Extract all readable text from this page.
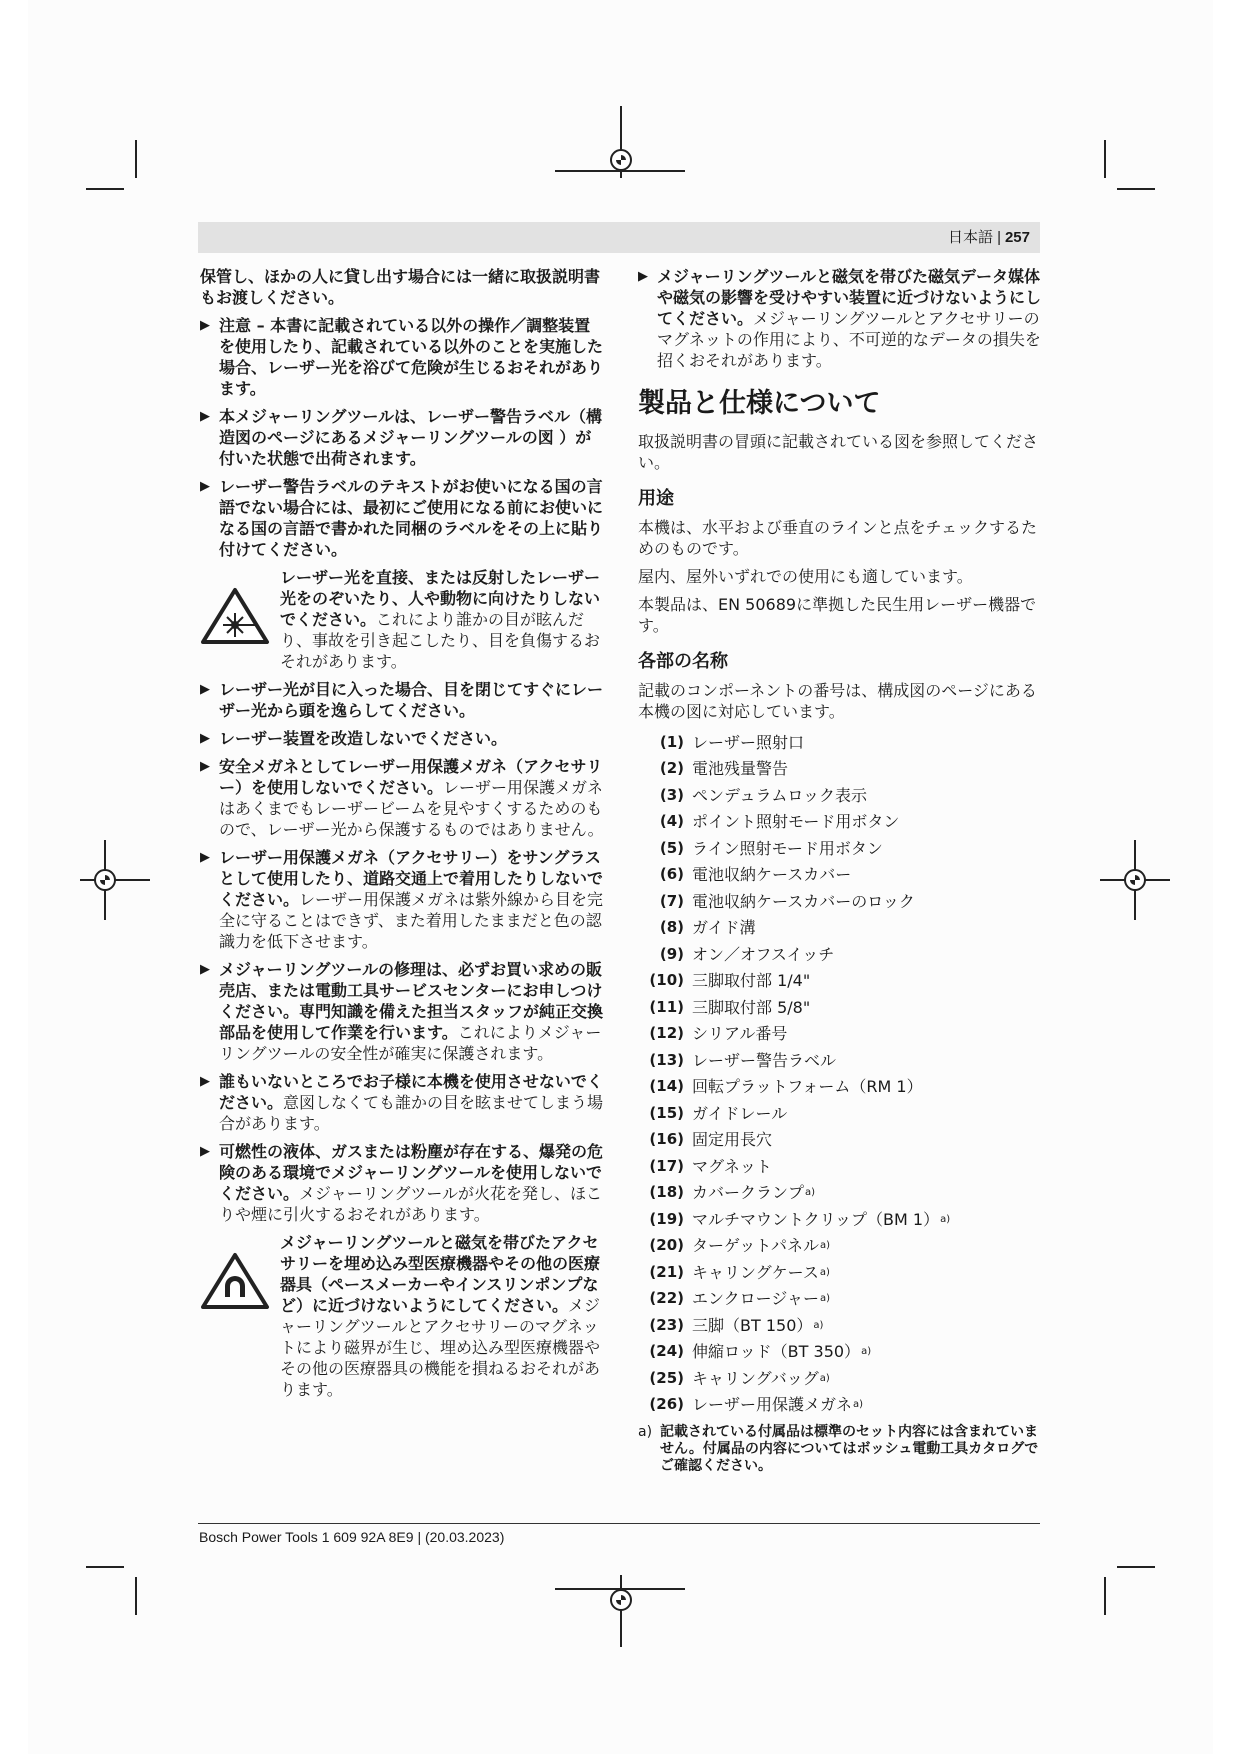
日本語 | 257

保管し、ほかの人に貸し出す場合には一緒に取扱説明書もお渡しください。

▶ 注意 – 本書に記載されている以外の操作／調整装置を使用したり、記載されている以外のことを実施した場合、レーザー光を浴びて危険が生じるおそれがあります。
▶ 本メジャーリングツールは、レーザー警告ラベル（構造図のページにあるメジャーリングツールの図 ）が付いた状態で出荷されます。
▶ レーザー警告ラベルのテキストがお使いになる国の言語でない場合には、最初にご使用になる前にお使いになる国の言語で書かれた同梱のラベルをその上に貼り付けてください。
レーザー光を直接、または反射したレーザー光をのぞいたり、人や動物に向けたりしないでください。これにより誰かの目が眩んだり、事故を引き起こしたり、目を負傷するおそれがあります。
▶ レーザー光が目に入った場合、目を閉じてすぐにレーザー光から頭を逸らしてください。
▶ レーザー装置を改造しないでください。
▶ 安全メガネとしてレーザー用保護メガネ（アクセサリー）を使用しないでください。レーザー用保護メガネはあくまでもレーザービームを見やすくするためのもので、レーザー光から保護するものではありません。
▶ レーザー用保護メガネ（アクセサリー）をサングラスとして使用したり、道路交通上で着用したりしないでください。レーザー用保護メガネは紫外線から目を完全に守ることはできず、また着用したままだと色の認識力を低下させます。
▶ メジャーリングツールの修理は、必ずお買い求めの販売店、または電動工具サービスセンターにお申しつけください。専門知識を備えた担当スタッフが純正交換部品を使用して作業を行います。これによりメジャーリングツールの安全性が確実に保護されます。
▶ 誰もいないところでお子様に本機を使用させないでください。意図しなくても誰かの目を眩ませてしまう場合があります。
▶ 可燃性の液体、ガスまたは粉塵が存在する、爆発の危険のある環境でメジャーリングツールを使用しないでください。メジャーリングツールが火花を発し、ほこりや煙に引火するおそれがあります。
メジャーリングツールと磁気を帯びたアクセサリーを埋め込み型医療機器やその他の医療器具（ペースメーカーやインスリンポンプなど）に近づけないようにしてください。メジャーリングツールとアクセサリーのマグネットにより磁界が生じ、埋め込み型医療機器やその他の医療器具の機能を損ねるおそれがあります。
▶ メジャーリングツールと磁気を帯びた磁気データ媒体や磁気の影響を受けやすい装置に近づけないようにしてください。メジャーリングツールとアクセサリーのマグネットの作用により、不可逆的なデータの損失を招くおそれがあります。
製品と仕様について

取扱説明書の冒頭に記載されている図を参照してください。

用途

本機は、水平および垂直のラインと点をチェックするためのものです。

屋内、屋外いずれでの使用にも適しています。

本製品は、EN 50689に準拠した民生用レーザー機器です。

各部の名称

記載のコンポーネントの番号は、構成図のページにある本機の図に対応しています。

(1) レーザー照射口
(2) 電池残量警告
(3) ペンデュラムロック表示
(4) ポイント照射モード用ボタン
(5) ライン照射モード用ボタン
(6) 電池収納ケースカバー
(7) 電池収納ケースカバーのロック
(8) ガイド溝
(9) オン／オフスイッチ
(10) 三脚取付部 1/4"
(11) 三脚取付部 5/8"
(12) シリアル番号
(13) レーザー警告ラベル
(14) 回転プラットフォーム（RM 1）
(15) ガイドレール
(16) 固定用長穴
(17) マグネット
(18) カバークランプ a)
(19) マルチマウントクリップ（BM 1） a)
(20) ターゲットパネル a)
(21) キャリングケース a)
(22) エンクロージャー a)
(23) 三脚（BT 150） a)
(24) 伸縮ロッド（BT 350） a)
(25) キャリングバッグ a)
(26) レーザー用保護メガネ a)
a) 記載されている付属品は標準のセット内容には含まれていません。付属品の内容についてはボッシュ電動工具カタログでご確認ください。
Bosch Power Tools 1 609 92A 8E9 | (20.03.2023)
